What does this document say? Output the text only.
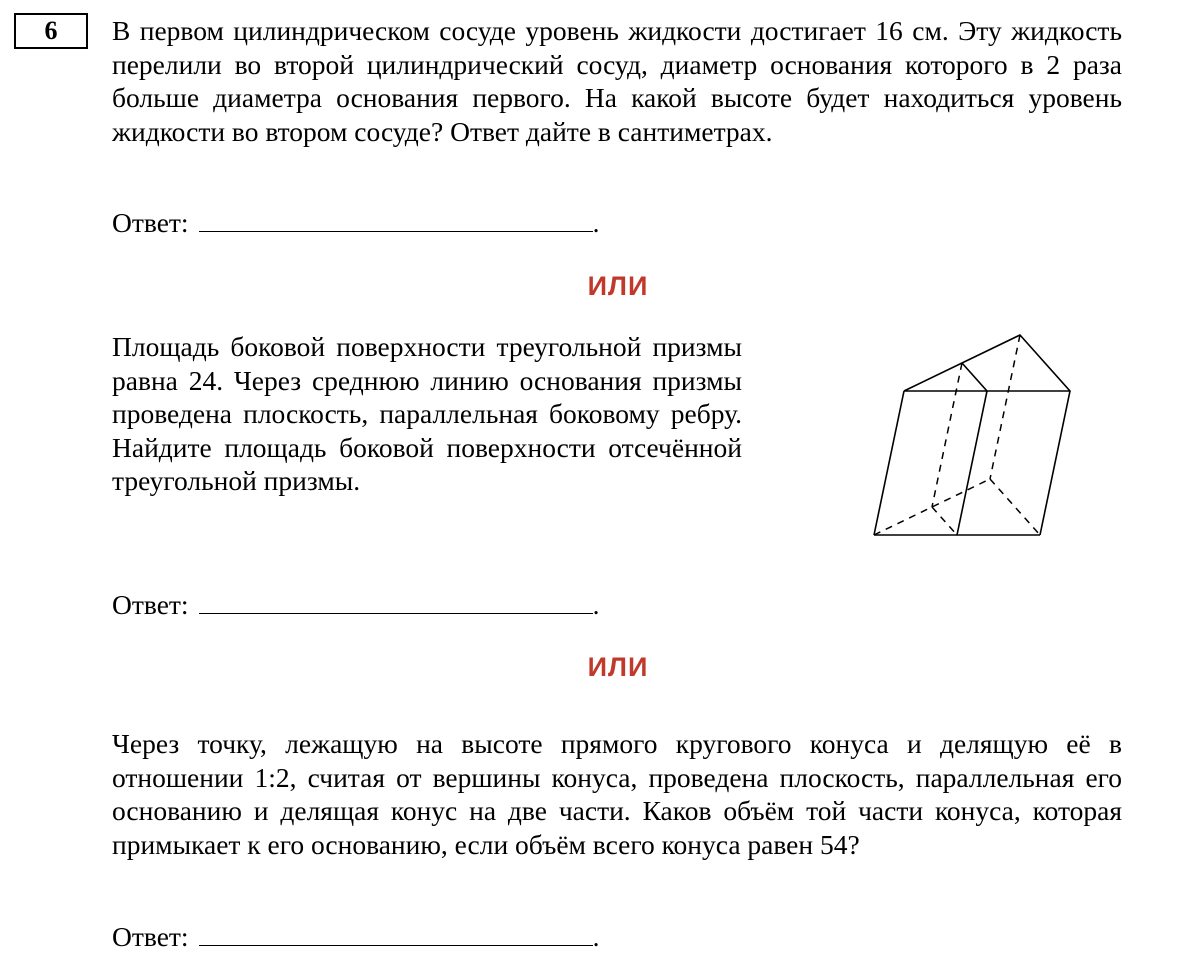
6 В первом цилиндрическом сосуде уровень жидкости достигает 16 см. Эту жидкость перелили во второй цилиндрический сосуд, диаметр основания которого в 2 раза больше диаметра основания первого. На какой высоте будет находиться уровень жидкости во втором сосуде? Ответ дайте в сантиметрах.

Ответ:	.
ИЛИ

Площадь боковой поверхности треугольной призмы равна 24. Через среднюю линию основания призмы проведена плоскость, параллельная боковому ребру. Найдите площадь боковой поверхности отсечённой треугольной призмы.

Ответ:	.
ИЛИ

Через точку, лежащую на высоте прямого кругового конуса и делящую её в отношении 1:2, считая от вершины конуса, проведена плоскость, параллельная его основанию и делящая конус на две части. Каков объём той части конуса, которая примыкает к его основанию, если объём всего конуса равен 54?

Ответ:	.
